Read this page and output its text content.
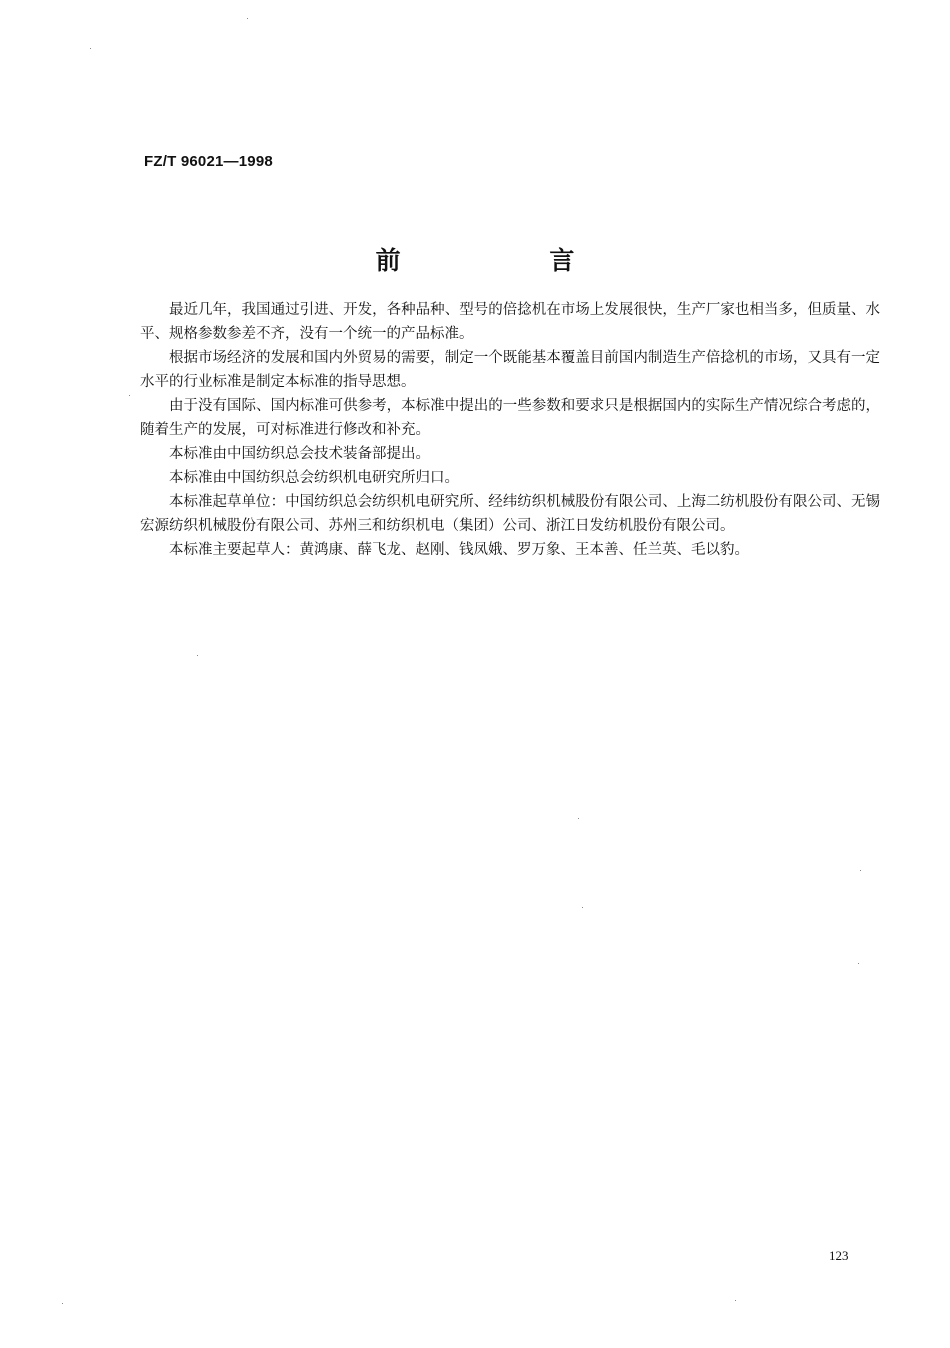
FZ/T 96021—1998
前 言

最近几年，我国通过引进、开发，各种品种、型号的倍捻机在市场上发展很快，生产厂家也相当多，但质量、水平、规格参数参差不齐，没有一个统一的产品标准。

根据市场经济的发展和国内外贸易的需要，制定一个既能基本覆盖目前国内制造生产倍捻机的市场，又具有一定水平的行业标准是制定本标准的指导思想。

由于没有国际、国内标准可供参考，本标准中提出的一些参数和要求只是根据国内的实际生产情况综合考虑的，随着生产的发展，可对标准进行修改和补充。

本标准由中国纺织总会技术装备部提出。

本标准由中国纺织总会纺织机电研究所归口。

本标准起草单位：中国纺织总会纺织机电研究所、经纬纺织机械股份有限公司、上海二纺机股份有限公司、无锡宏源纺织机械股份有限公司、苏州三和纺织机电（集团）公司、浙江日发纺机股份有限公司。

本标准主要起草人：黄鸿康、薛飞龙、赵刚、钱凤娥、罗万象、王本善、任兰英、毛以豹。

123
